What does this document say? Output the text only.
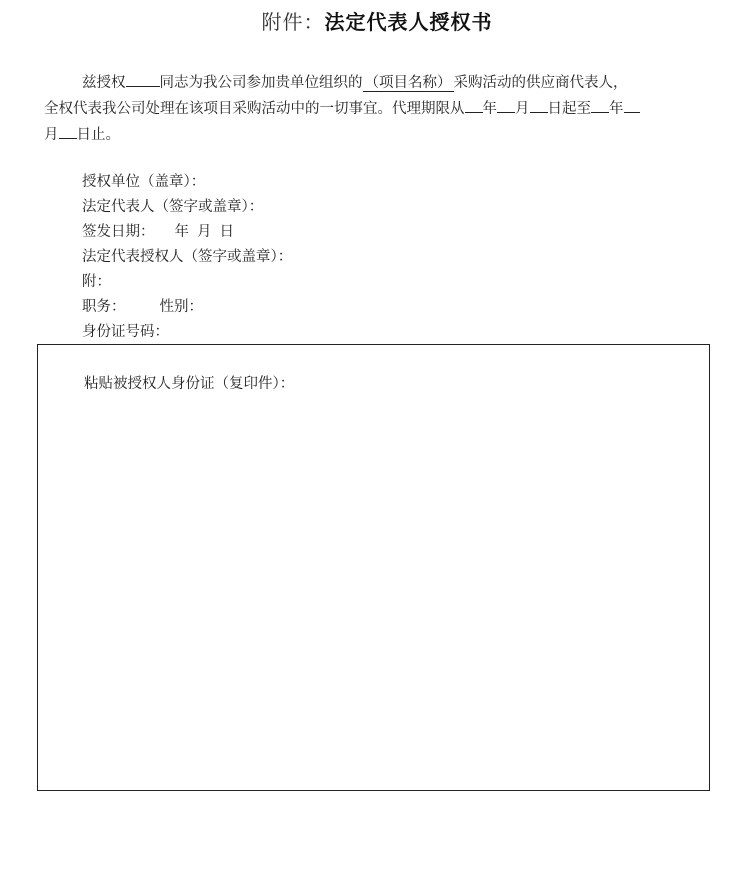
附件：法定代表人授权书
兹授权 同志为我公司参加贵单位组织的 （项目名称） 采购活动的供应商代表人，
全权代表我公司处理在该项目采购活动中的一切事宜。代理期限从 年 月 日起至 年
月 日止。
授权单位（盖章）：
法定代表人（签字或盖章）：
签发日期： 年 月 日
法定代表授权人（签字或盖章）：
附：
职务： 性别：
身份证号码：
粘贴被授权人身份证（复印件）：
